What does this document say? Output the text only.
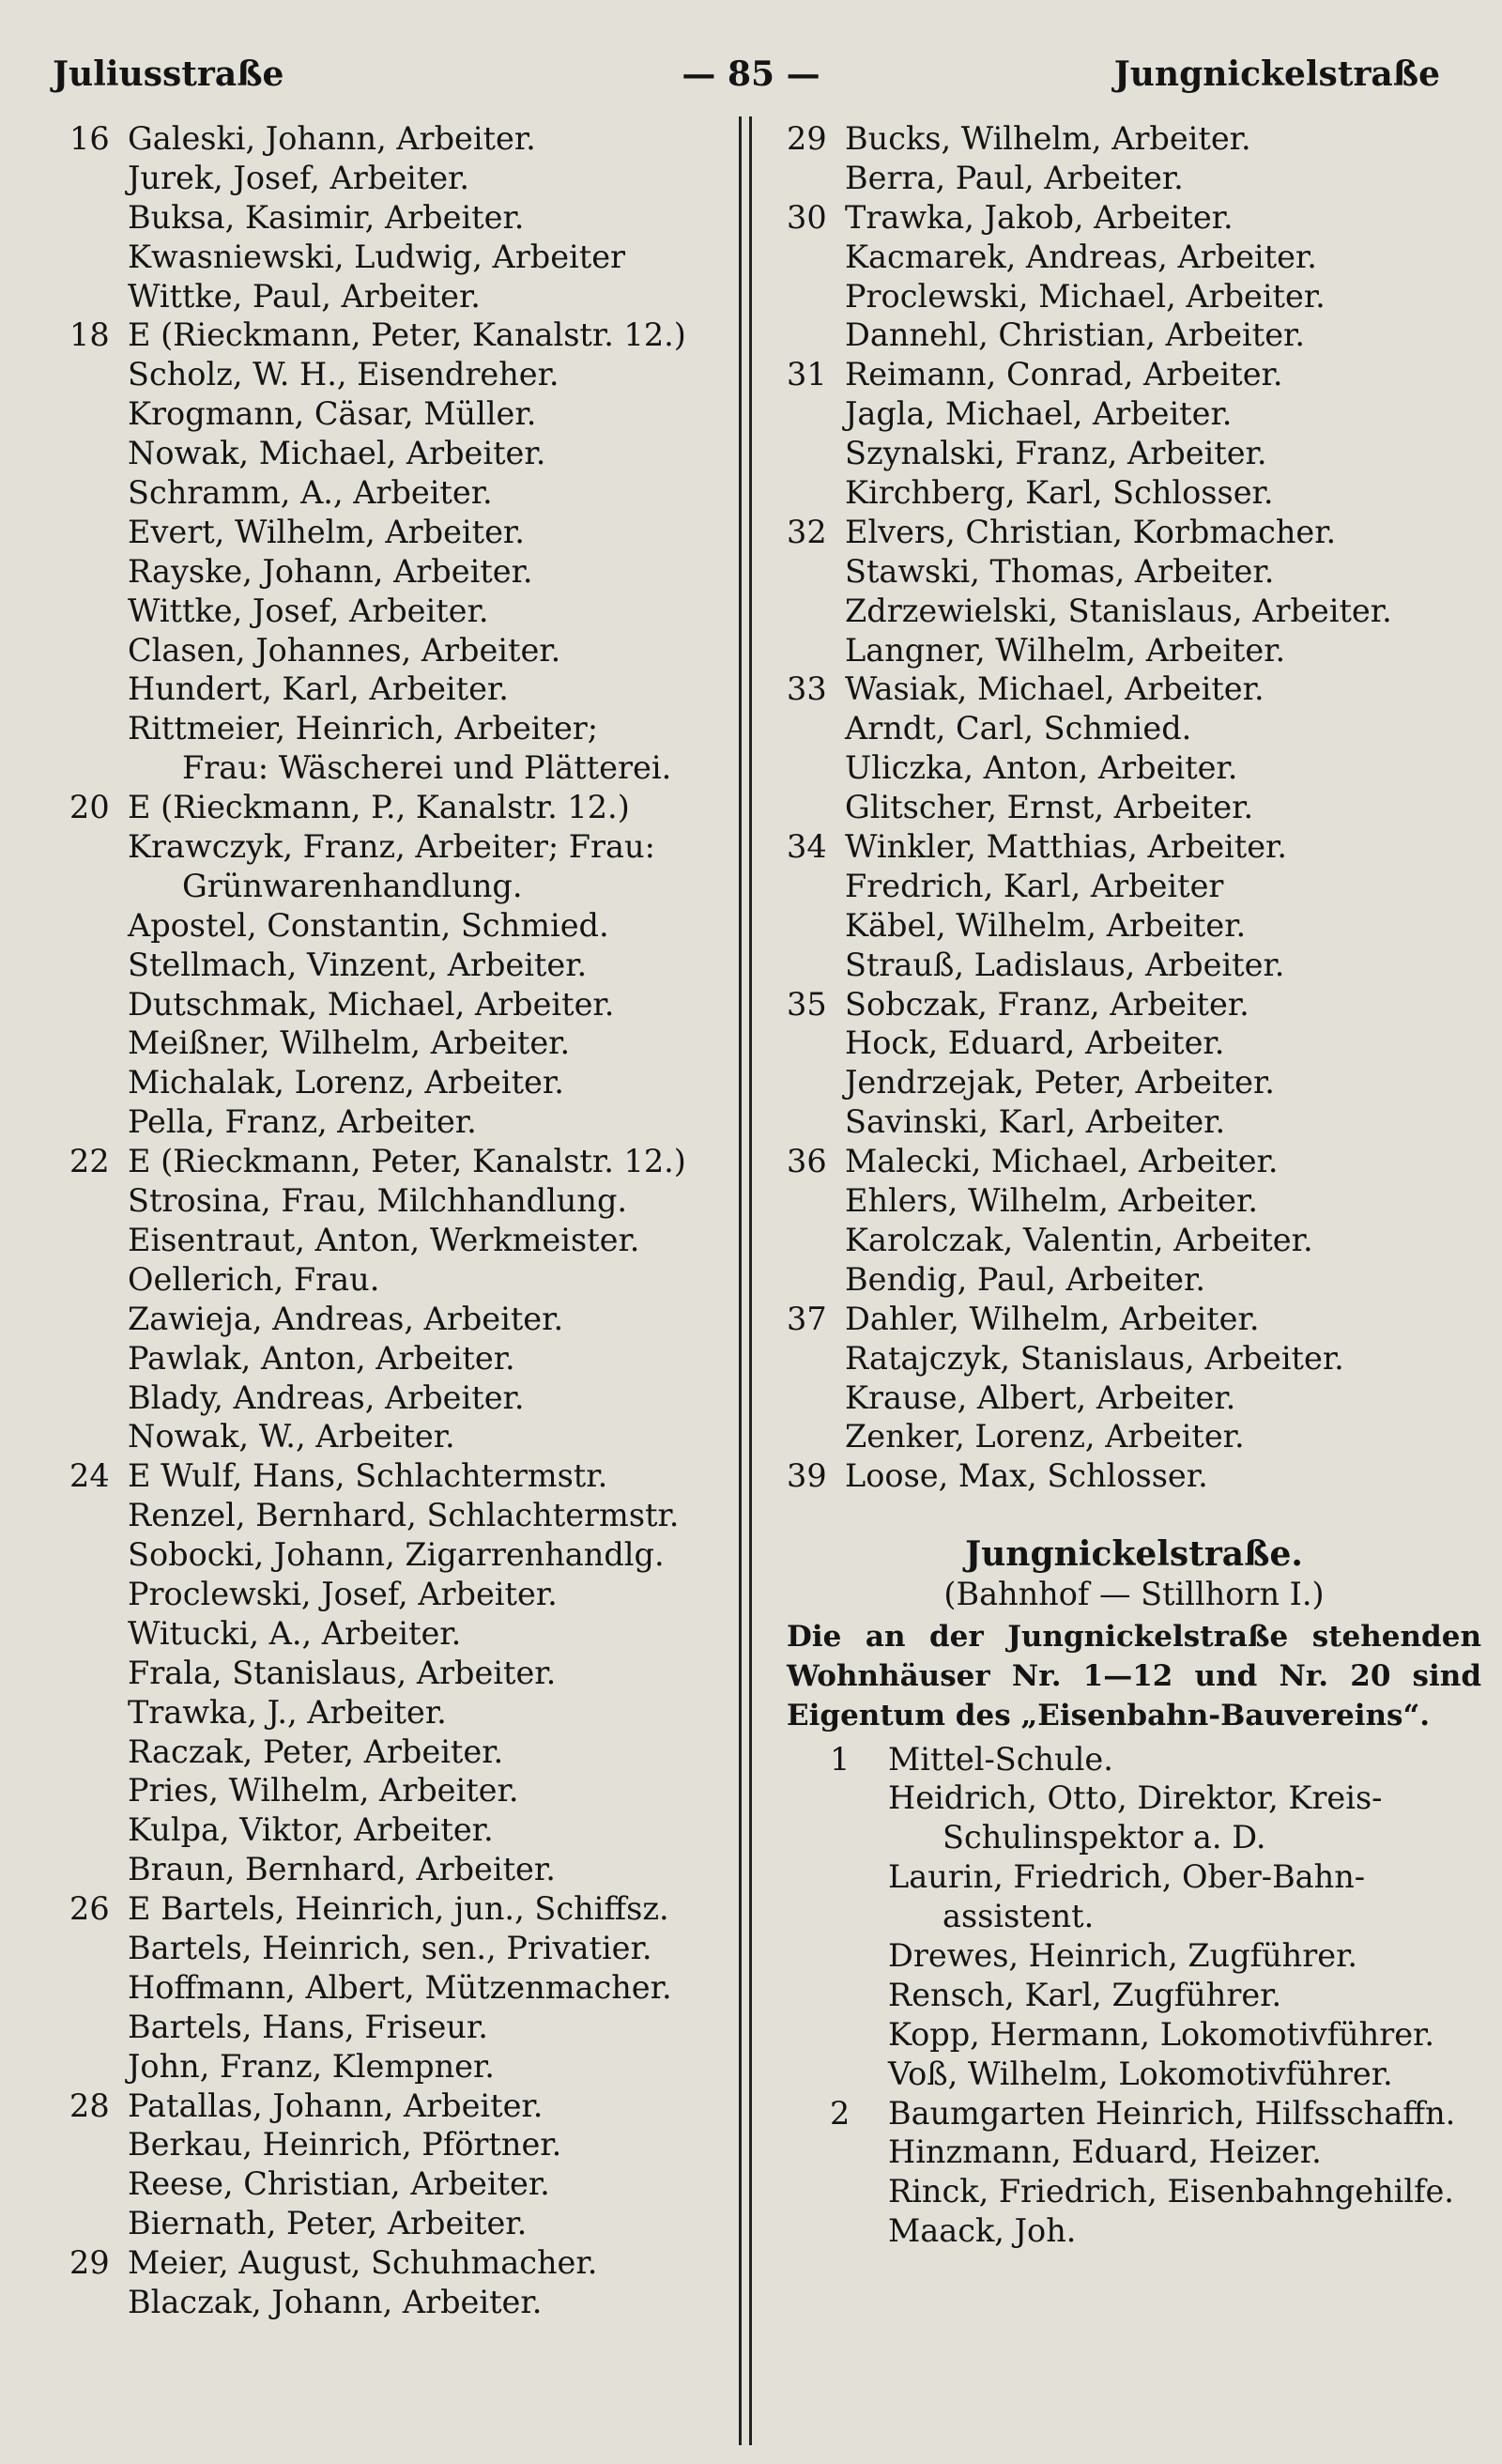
Juliusstraße	— 85 —	Jungnickelstraße
16 Galeski, Johann, Arbeiter.
Jurek, Josef, Arbeiter.
Buksa, Kasimir, Arbeiter.
Kwasniewski, Ludwig, Arbeiter
Wittke, Paul, Arbeiter.
18 E (Rieckmann, Peter, Kanalstr. 12.)
Scholz, W. H., Eisendreher.
Krogmann, Cäsar, Müller.
Nowak, Michael, Arbeiter.
Schramm, A., Arbeiter.
Evert, Wilhelm, Arbeiter.
Rayske, Johann, Arbeiter.
Wittke, Josef, Arbeiter.
Clasen, Johannes, Arbeiter.
Hundert, Karl, Arbeiter.
Rittmeier, Heinrich, Arbeiter;
Frau: Wäscherei und Plätterei.
20 E (Rieckmann, P., Kanalstr. 12.)
Krawczyk, Franz, Arbeiter; Frau:
Grünwarenhandlung.
Apostel, Constantin, Schmied.
Stellmach, Vinzent, Arbeiter.
Dutschmak, Michael, Arbeiter.
Meißner, Wilhelm, Arbeiter.
Michalak, Lorenz, Arbeiter.
Pella, Franz, Arbeiter.
22 E (Rieckmann, Peter, Kanalstr. 12.)
Strosina, Frau, Milchhandlung.
Eisentraut, Anton, Werkmeister.
Oellerich, Frau.
Zawieja, Andreas, Arbeiter.
Pawlak, Anton, Arbeiter.
Blady, Andreas, Arbeiter.
Nowak, W., Arbeiter.
24 E Wulf, Hans, Schlachtermstr.
Renzel, Bernhard, Schlachtermstr.
Sobocki, Johann, Zigarrenhandlg.
Proclewski, Josef, Arbeiter.
Witucki, A., Arbeiter.
Frala, Stanislaus, Arbeiter.
Trawka, J., Arbeiter.
Raczak, Peter, Arbeiter.
Pries, Wilhelm, Arbeiter.
Kulpa, Viktor, Arbeiter.
Braun, Bernhard, Arbeiter.
26 E Bartels, Heinrich, jun., Schiffsz.
Bartels, Heinrich, sen., Privatier.
Hoffmann, Albert, Mützenmacher.
Bartels, Hans, Friseur.
John, Franz, Klempner.
28 Patallas, Johann, Arbeiter.
Berkau, Heinrich, Pförtner.
Reese, Christian, Arbeiter.
Biernath, Peter, Arbeiter.
29 Meier, August, Schuhmacher.
Blaczak, Johann, Arbeiter.
29 Bucks, Wilhelm, Arbeiter.
Berra, Paul, Arbeiter.
30 Trawka, Jakob, Arbeiter.
Kacmarek, Andreas, Arbeiter.
Proclewski, Michael, Arbeiter.
Dannehl, Christian, Arbeiter.
31 Reimann, Conrad, Arbeiter.
Jagla, Michael, Arbeiter.
Szynalski, Franz, Arbeiter.
Kirchberg, Karl, Schlosser.
32 Elvers, Christian, Korbmacher.
Stawski, Thomas, Arbeiter.
Zdrzewielski, Stanislaus, Arbeiter.
Langner, Wilhelm, Arbeiter.
33 Wasiak, Michael, Arbeiter.
Arndt, Carl, Schmied.
Uliczka, Anton, Arbeiter.
Glitscher, Ernst, Arbeiter.
34 Winkler, Matthias, Arbeiter.
Fredrich, Karl, Arbeiter
Käbel, Wilhelm, Arbeiter.
Strauß, Ladislaus, Arbeiter.
35 Sobczak, Franz, Arbeiter.
Hock, Eduard, Arbeiter.
Jendrzejak, Peter, Arbeiter.
Savinski, Karl, Arbeiter.
36 Malecki, Michael, Arbeiter.
Ehlers, Wilhelm, Arbeiter.
Karolczak, Valentin, Arbeiter.
Bendig, Paul, Arbeiter.
37 Dahler, Wilhelm, Arbeiter.
Ratajczyk, Stanislaus, Arbeiter.
Krause, Albert, Arbeiter.
Zenker, Lorenz, Arbeiter.
39 Loose, Max, Schlosser.
Jungnickelstraße.
(Bahnhof — Stillhorn I.)
Die an der Jungnickelstraße stehenden Wohnhäuser Nr. 1—12 und Nr. 20 sind Eigentum des „Eisenbahn-Bauvereins“.
1	Mittel-Schule.
Heidrich, Otto, Direktor, Kreis-
Schulinspektor a. D.
Laurin, Friedrich, Ober-Bahn-
assistent.
Drewes, Heinrich, Zugführer.
Rensch, Karl, Zugführer.
Kopp, Hermann, Lokomotivführer.
Voß, Wilhelm, Lokomotivführer.
2	Baumgarten Heinrich, Hilfsschaffn.
Hinzmann, Eduard, Heizer.
Rinck, Friedrich, Eisenbahngehilfe.
Maack, Joh.
